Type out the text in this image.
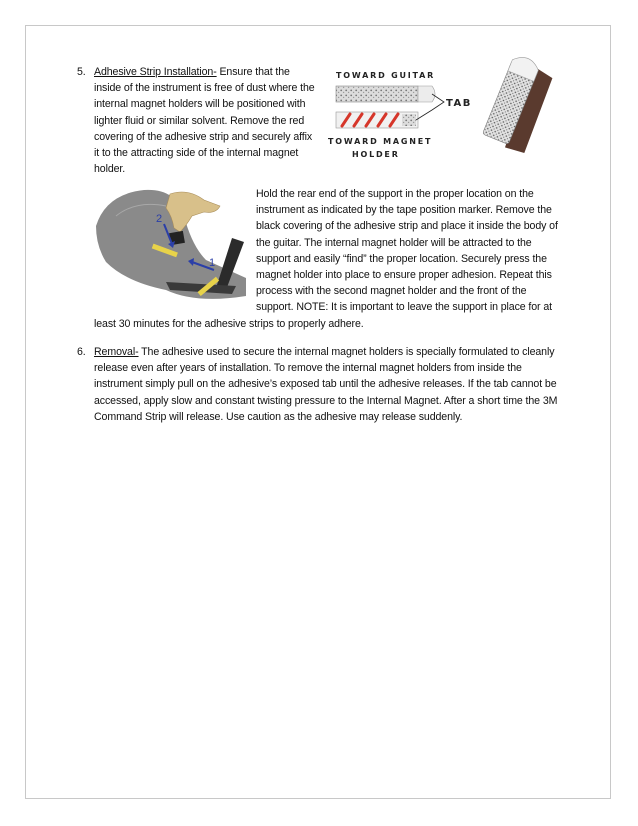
5. Adhesive Strip Installation- Ensure that the inside of the instrument is free of dust where the internal magnet holders will be positioned with lighter fluid or similar solvent. Remove the red covering of the adhesive strip and securely affix it to the attracting side of the internal magnet holder.
TOWARD GUITAR
TAB
TOWARD MAGNET
HOLDER
2
1
Hold the rear end of the support in the proper location on the instrument as indicated by the tape position marker. Remove the black covering of the adhesive strip and place it inside the body of the guitar. The internal magnet holder will be attracted to the support and easily “find” the proper location. Securely press the magnet holder into place to ensure proper adhesion. Repeat this process with the second magnet holder and the front of the support. NOTE: It is important to leave the support in place for at
least 30 minutes for the adhesive strips to properly adhere.
6. Removal- The adhesive used to secure the internal magnet holders is specially formulated to cleanly release even after years of installation. To remove the internal magnet holders from inside the instrument simply pull on the adhesive’s exposed tab until the adhesive releases. If the tab cannot be accessed, apply slow and constant twisting pressure to the Internal Magnet. After a short time the 3M Command Strip will release. Use caution as the adhesive may release suddenly.
